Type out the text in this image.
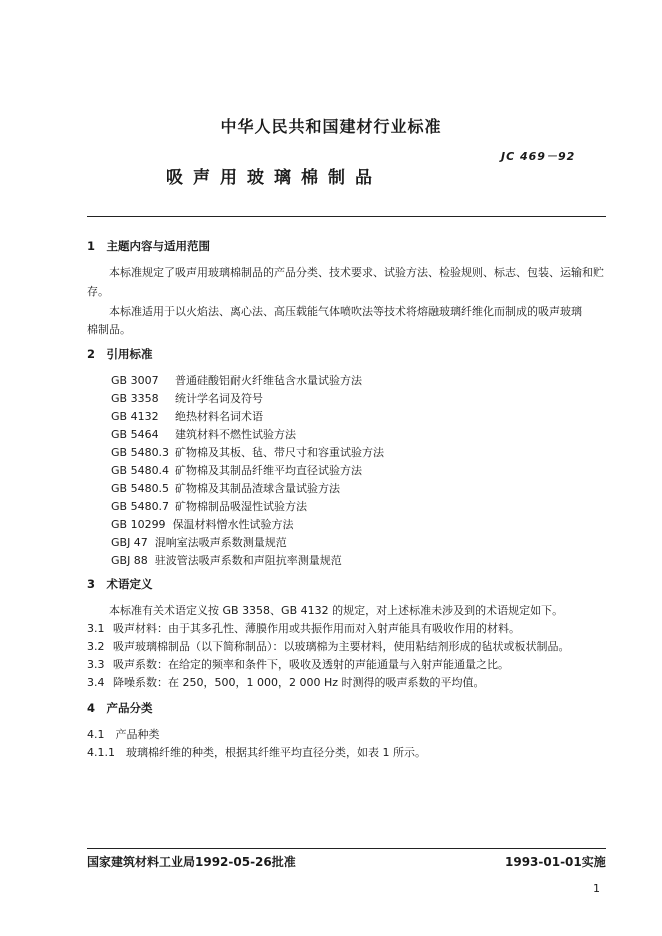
中华人民共和国建材行业标准
JC 469－92
吸声用玻璃棉制品
1　主题内容与适用范围
本标准规定了吸声用玻璃棉制品的产品分类、技术要求、试验方法、检验规则、标志、包装、运输和贮
存。
本标准适用于以火焰法、离心法、高压载能气体喷吹法等技术将熔融玻璃纤维化而制成的吸声玻璃
棉制品。
2　引用标准
GB 3007 普通硅酸铝耐火纤维毡含水量试验方法
GB 3358 统计学名词及符号
GB 4132 绝热材料名词术语
GB 5464 建筑材料不燃性试验方法
GB 5480.3 矿物棉及其板、毡、带尺寸和容重试验方法
GB 5480.4 矿物棉及其制品纤维平均直径试验方法
GB 5480.5 矿物棉及其制品渣球含量试验方法
GB 5480.7 矿物棉制品吸湿性试验方法
GB 10299 保温材料憎水性试验方法
GBJ 47 混响室法吸声系数测量规范
GBJ 88 驻波管法吸声系数和声阻抗率测量规范
3　术语定义
本标准有关术语定义按 GB 3358、GB 4132 的规定，对上述标准未涉及到的术语规定如下。
3.1 吸声材料：由于其多孔性、薄膜作用或共振作用而对入射声能具有吸收作用的材料。
3.2 吸声玻璃棉制品（以下简称制品）：以玻璃棉为主要材料，使用粘结剂形成的毡状或板状制品。
3.3 吸声系数：在给定的频率和条件下，吸收及透射的声能通量与入射声能通量之比。
3.4 降噪系数：在 250，500，1 000，2 000 Hz 时测得的吸声系数的平均值。
4　产品分类
4.1　产品种类
4.1.1　玻璃棉纤维的种类，根据其纤维平均直径分类，如表 1 所示。
国家建筑材料工业局1992-05-26批准	1993-01-01实施
1
